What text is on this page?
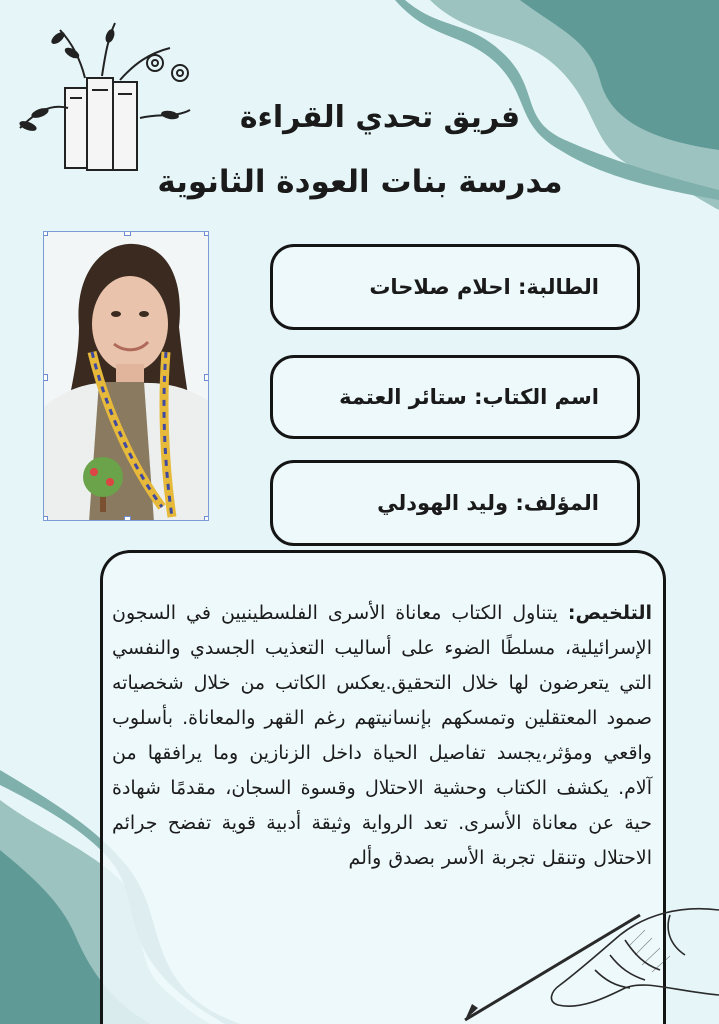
فريق تحدي القراءة
مدرسة بنات العودة الثانوية
الطالبة:

احلام صلاحات
اسم الكتاب:

ستائر العتمة
المؤلف:

وليد الهودلي
التلخيص: يتناول الكتاب معاناة الأسرى الفلسطينيين في السجون الإسرائيلية، مسلطًا الضوء على أساليب التعذيب الجسدي والنفسي التي يتعرضون لها خلال التحقيق.يعكس الكاتب من خلال شخصياته صمود المعتقلين وتمسكهم بإنسانيتهم رغم القهر والمعاناة. بأسلوب واقعي ومؤثر،يجسد تفاصيل الحياة داخل الزنازين وما يرافقها من آلام. يكشف الكتاب وحشية الاحتلال وقسوة السجان، مقدمًا شهادة حية عن معاناة الأسرى. تعد الرواية وثيقة أدبية قوية تفضح جرائم الاحتلال وتنقل تجربة الأسر بصدق وألم
